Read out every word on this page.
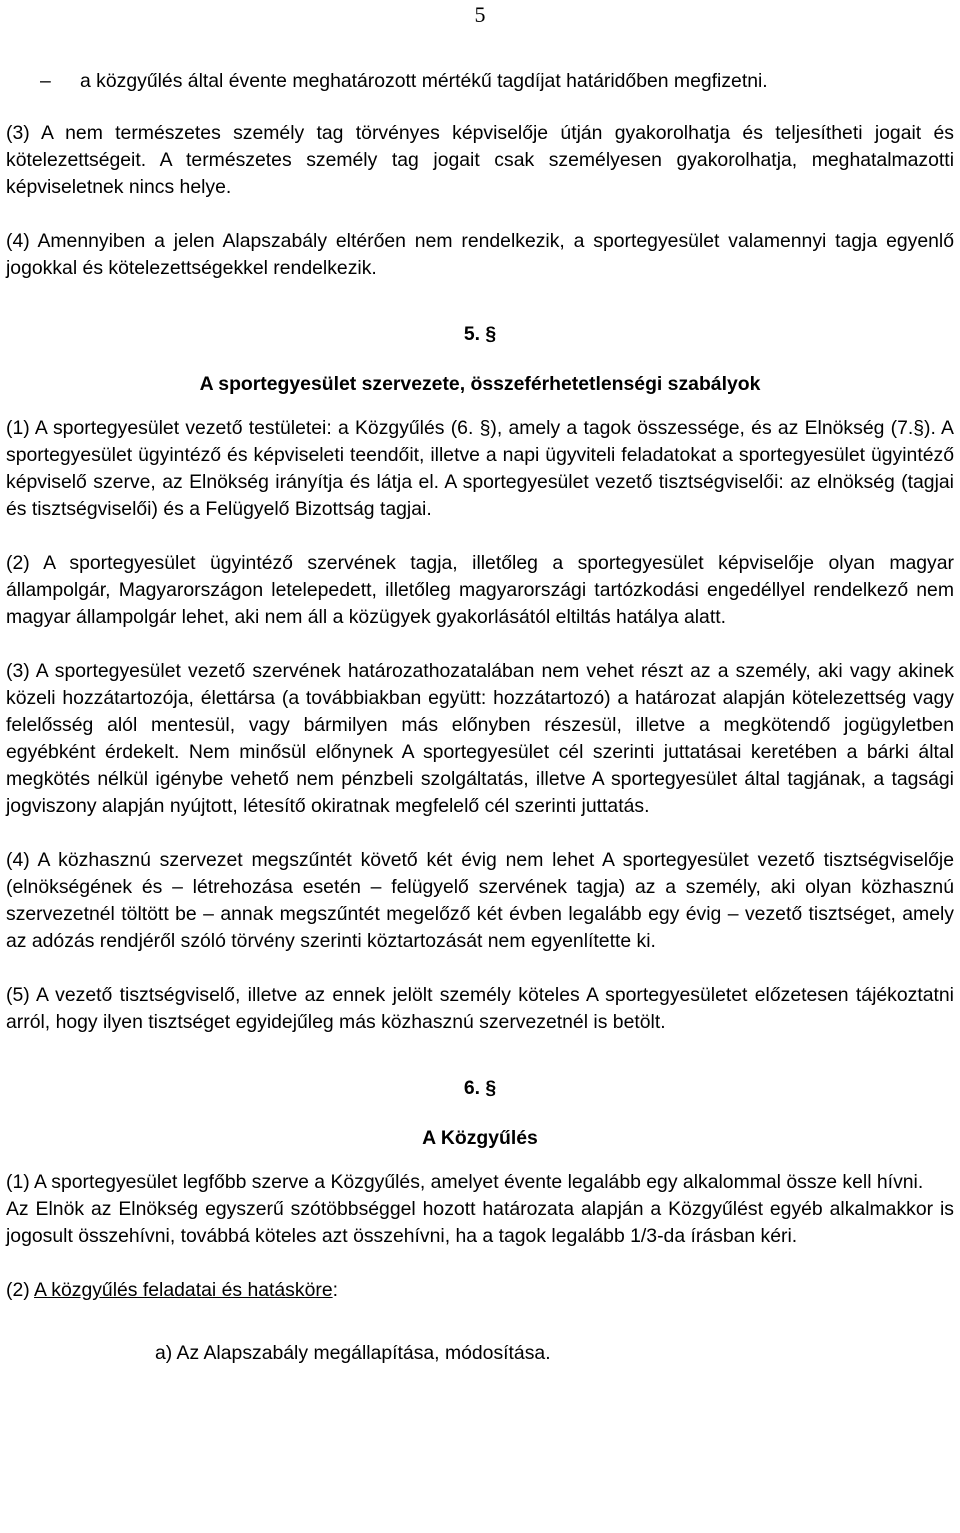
5
–	a közgyűlés által évente meghatározott mértékű tagdíjat határidőben megfizetni.

(3) A nem természetes személy tag törvényes képviselője útján gyakorolhatja és teljesítheti jogait és kötelezettségeit. A természetes személy tag jogait csak személyesen gyakorolhatja, meghatalmazotti képviseletnek nincs helye.

(4) Amennyiben a jelen Alapszabály eltérően nem rendelkezik, a sportegyesület valamennyi tagja egyenlő jogokkal és kötelezettségekkel rendelkezik.

5. §
A sportegyesület szervezete, összeférhetetlenségi szabályok

(1) A sportegyesület vezető testületei: a Közgyűlés (6. §), amely a tagok összessége, és az Elnökség (7.§). A sportegyesület ügyintéző és képviseleti teendőit, illetve a napi ügyviteli feladatokat a sportegyesület ügyintéző képviselő szerve, az Elnökség irányítja és látja el. A sportegyesület vezető tisztségviselői: az elnökség (tagjai és tisztségviselői) és a Felügyelő Bizottság tagjai.

(2) A sportegyesület ügyintéző szervének tagja, illetőleg a sportegyesület képviselője olyan magyar állampolgár, Magyarországon letelepedett, illetőleg magyarországi tartózkodási engedéllyel rendelkező nem magyar állampolgár lehet, aki nem áll a közügyek gyakorlásától eltiltás hatálya alatt.

(3) A sportegyesület vezető szervének határozathozatalában nem vehet részt az a személy, aki vagy akinek közeli hozzátartozója, élettársa (a továbbiakban együtt: hozzátartozó) a határozat alapján kötelezettség vagy felelősség alól mentesül, vagy bármilyen más előnyben részesül, illetve a megkötendő jogügyletben egyébként érdekelt. Nem minősül előnynek A sportegyesület cél szerinti juttatásai keretében a bárki által megkötés nélkül igénybe vehető nem pénzbeli szolgáltatás, illetve A sportegyesület által tagjának, a tagsági jogviszony alapján nyújtott, létesítő okiratnak megfelelő cél szerinti juttatás.

(4) A közhasznú szervezet megszűntét követő két évig nem lehet A sportegyesület vezető tisztségviselője (elnökségének és – létrehozása esetén – felügyelő szervének tagja) az a személy, aki olyan közhasznú szervezetnél töltött be – annak megszűntét megelőző két évben legalább egy évig – vezető tisztséget, amely az adózás rendjéről szóló törvény szerinti köztartozását nem egyenlítette ki.

(5) A vezető tisztségviselő, illetve az ennek jelölt személy köteles A sportegyesületet előzetesen tájékoztatni arról, hogy ilyen tisztséget egyidejűleg más közhasznú szervezetnél is betölt.

6. §
A Közgyűlés

(1) A sportegyesület legfőbb szerve a Közgyűlés, amelyet évente legalább egy alkalommal össze kell hívni.

Az Elnök az Elnökség egyszerű szótöbbséggel hozott határozata alapján a Közgyűlést egyéb alkalmakkor is jogosult összehívni, továbbá köteles azt összehívni, ha a tagok legalább 1/3-da írásban kéri.

(2) A közgyűlés feladatai és hatásköre:

a) Az Alapszabály megállapítása, módosítása.
